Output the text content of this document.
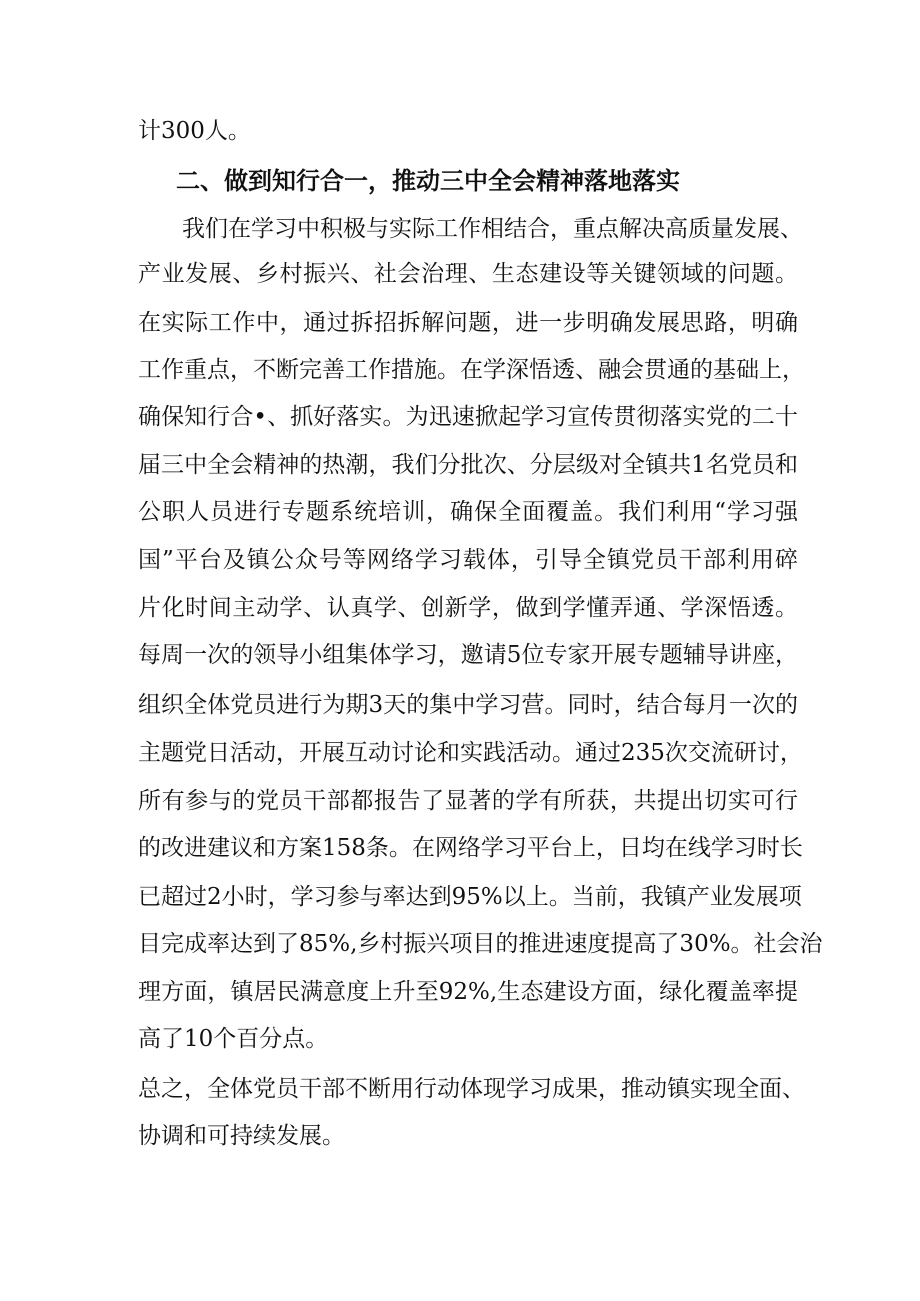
计300人。
二、做到知行合一，推动三中全会精神落地落实
我们在学习中积极与实际工作相结合，重点解决高质量发展、
产业发展、乡村振兴、社会治理、生态建设等关键领域的问题。
在实际工作中，通过拆招拆解问题，进一步明确发展思路，明确
工作重点，不断完善工作措施。在学深悟透、融会贯通的基础上，
确保知行合•、抓好落实。为迅速掀起学习宣传贯彻落实党的二十
届三中全会精神的热潮，我们分批次、分层级对全镇共1名党员和
公职人员进行专题系统培训，确保全面覆盖。我们利用“学习强
国”平台及镇公众号等网络学习载体，引导全镇党员干部利用碎
片化时间主动学、认真学、创新学，做到学懂弄通、学深悟透。
每周一次的领导小组集体学习，邀请5位专家开展专题辅导讲座，
组织全体党员进行为期3天的集中学习营。同时，结合每月一次的
主题党日活动，开展互动讨论和实践活动。通过235次交流研讨，
所有参与的党员干部都报告了显著的学有所获，共提出切实可行
的改进建议和方案158条。在网络学习平台上，日均在线学习时长
已超过2小时，学习参与率达到95%以上。当前，我镇产业发展项
目完成率达到了85%,乡村振兴项目的推进速度提高了30%。社会治
理方面，镇居民满意度上升至92%,生态建设方面，绿化覆盖率提
高了10个百分点。
总之，全体党员干部不断用行动体现学习成果，推动镇实现全面、
协调和可持续发展。
